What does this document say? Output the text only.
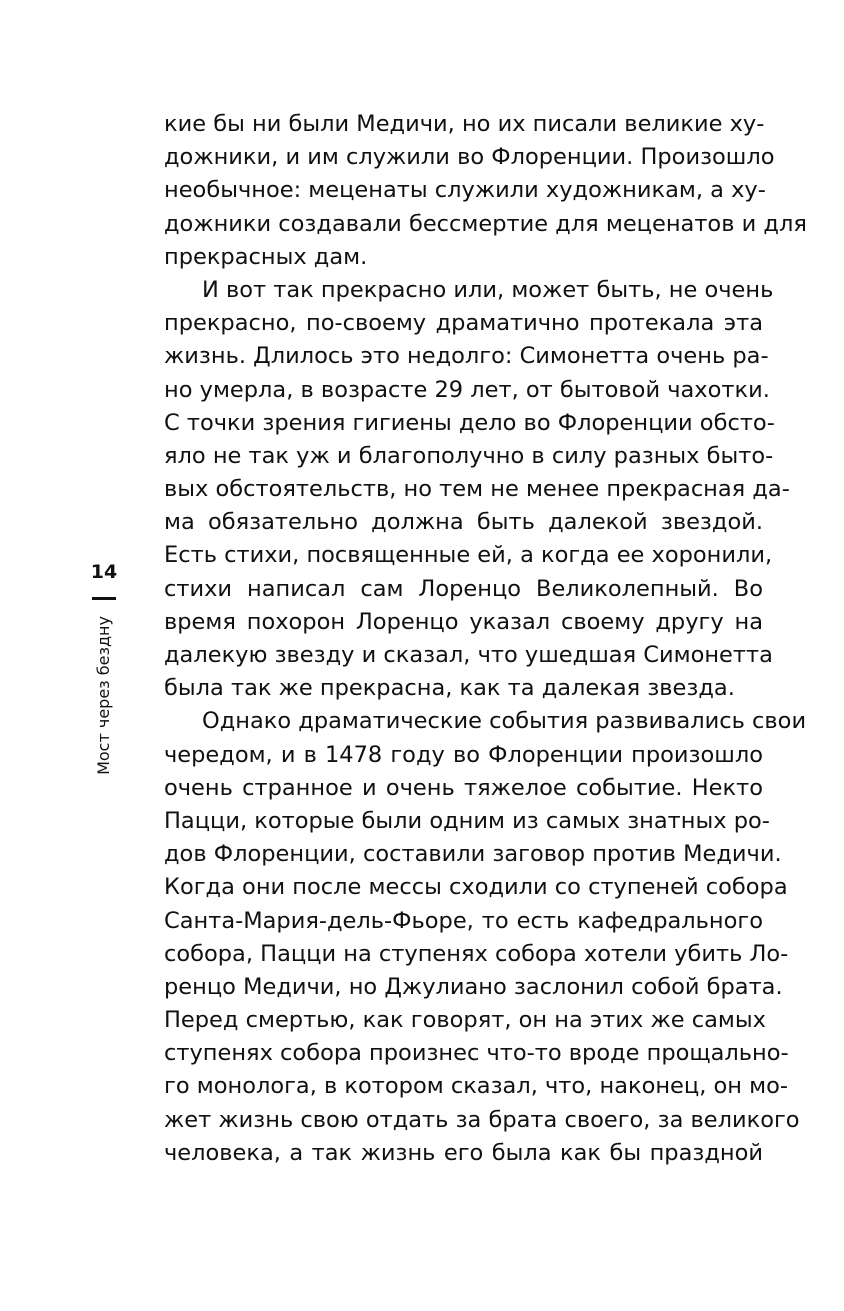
14
Мост через бездну
кие бы ни были Медичи, но их писали великие ху-
дожники, и им служили во Флоренции. Произошло
необычное: меценаты служили художникам, а ху-
дожники создавали бессмертие для меценатов и для
прекрасных дам.
И вот так прекрасно или, может быть, не очень
прекрасно, по-своему драматично протекала эта
жизнь. Длилось это недолго: Симонетта очень ра-
но умерла, в возрасте 29 лет, от бытовой чахотки.
С точки зрения гигиены дело во Флоренции обсто-
яло не так уж и благополучно в силу разных быто-
вых обстоятельств, но тем не менее прекрасная да-
ма обязательно должна быть далекой звездой.
Есть стихи, посвященные ей, а когда ее хоронили,
стихи написал сам Лоренцо Великолепный. Во
время похорон Лоренцо указал своему другу на
далекую звезду и сказал, что ушедшая Симонетта
была так же прекрасна, как та далекая звезда.
Однако драматические события развивались свои
чередом, и в 1478 году во Флоренции произошло
очень странное и очень тяжелое событие. Некто
Пацци, которые были одним из самых знатных ро-
дов Флоренции, составили заговор против Медичи.
Когда они после мессы сходили со ступеней собора
Санта-Мария-дель-Фьоре, то есть кафедрального
собора, Пацци на ступенях собора хотели убить Ло-
ренцо Медичи, но Джулиано заслонил собой брата.
Перед смертью, как говорят, он на этих же самых
ступенях собора произнес что-то вроде прощально-
го монолога, в котором сказал, что, наконец, он мо-
жет жизнь свою отдать за брата своего, за великого
человека, а так жизнь его была как бы праздной
